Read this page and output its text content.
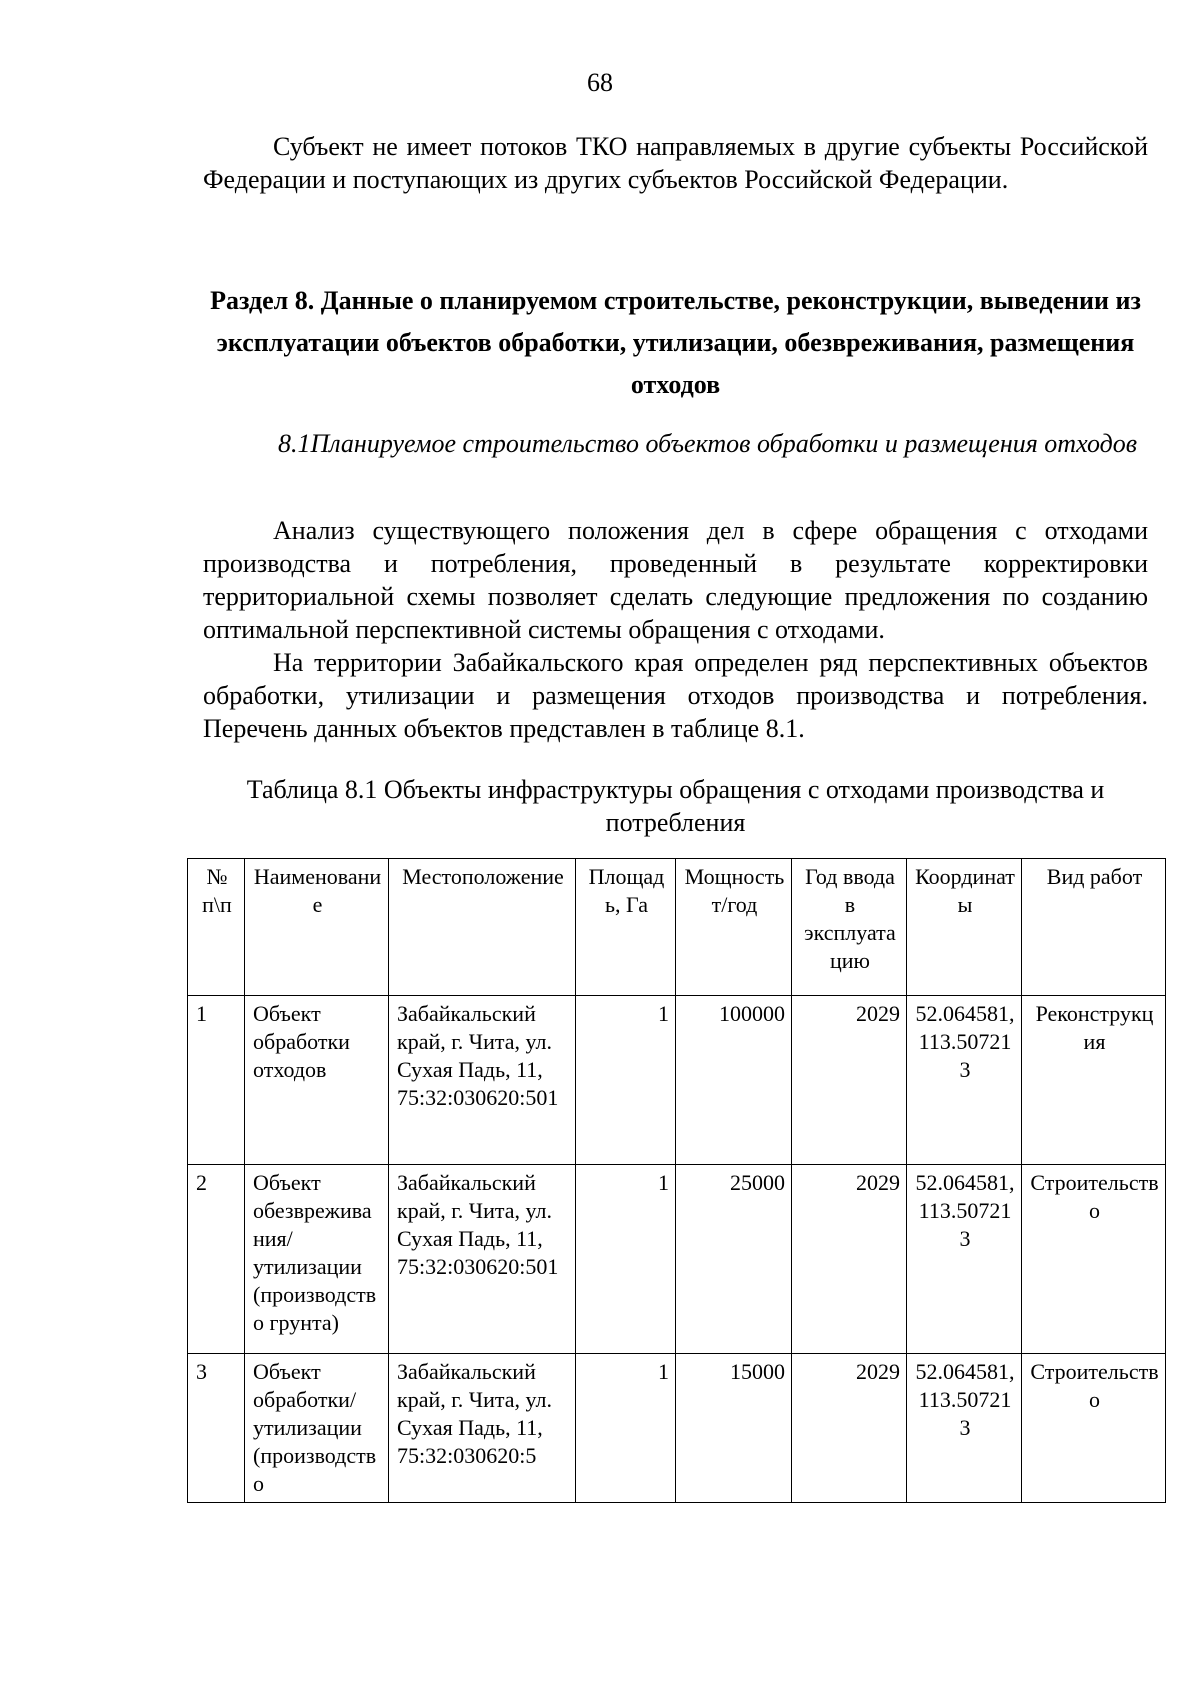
68

Субъект не имеет потоков ТКО направляемых в другие субъекты Российской Федерации и поступающих из других субъектов Российской Федерации.

Раздел 8. Данные о планируемом строительстве, реконструкции, выведении из эксплуатации объектов обработки, утилизации, обезвреживания, размещения отходов
8.1Планируемое строительство объектов обработки и размещения отходов

Анализ существующего положения дел в сфере обращения с отходами производства и потребления, проведенный в результате корректировки территориальной схемы позволяет сделать следующие предложения по созданию оптимальной перспективной системы обращения с отходами.

На территории Забайкальского края определен ряд перспективных объектов обработки, утилизации и размещения отходов производства и потребления. Перечень данных объектов представлен в таблице 8.1.

Таблица 8.1 Объекты инфраструктуры обращения с отходами производства и потребления

№ п\п	Наименование	Местоположение	Площадь, Га	Мощность т/год	Год ввода в эксплуатацию	Координаты	Вид работ
1	Объект обработки отходов	Забайкальский край, г. Чита, ул. Сухая Падь, 11, 75:32:030620:501	1	100000	2029	52.064581, 113.507213	Реконструкция
2	Объект обезвреживания/утилизации (производство грунта)	Забайкальский край, г. Чита, ул. Сухая Падь, 11, 75:32:030620:501	1	25000	2029	52.064581, 113.507213	Строительство
3	Объект обработки/ утилизации (производство	Забайкальский край, г. Чита, ул. Сухая Падь, 11, 75:32:030620:5	1	15000	2029	52.064581, 113.507213	Строительство
